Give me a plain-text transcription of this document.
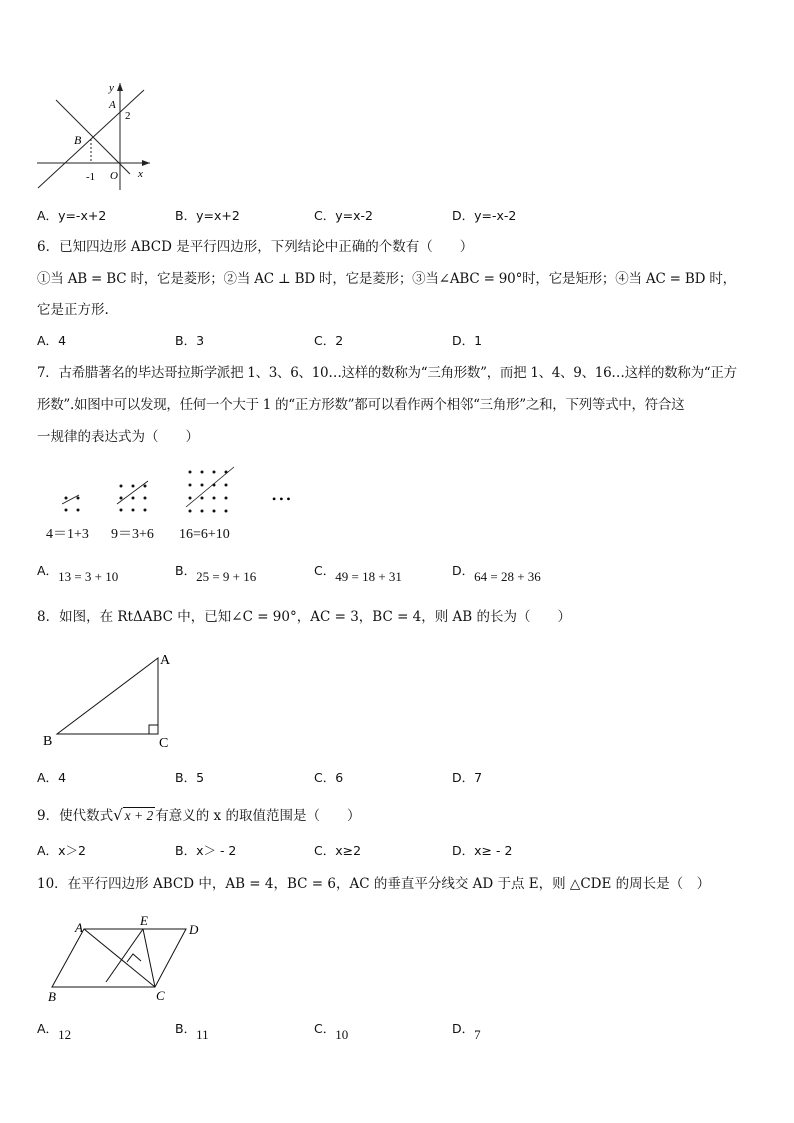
y
A
2
B
-1 O x
A．y=-x+2	B．y=x+2	C．y=x-2	D．y=-x-2
6．已知四边形 ABCD 是平行四边形，下列结论中正确的个数有（　　）
①当 AB = BC 时，它是菱形；②当 AC ⊥ BD 时，它是菱形；③当∠ABC = 90°时，它是矩形；④当 AC = BD 时，
它是正方形.
A．4	B．3	C．2	D．1
7．古希腊著名的毕达哥拉斯学派把 1、3、6、10…这样的数称为“三角形数”，而把 1、4、9、16…这样的数称为“正方
形数”.如图中可以发现，任何一个大于 1 的“正方形数”都可以看作两个相邻“三角形”之和，下列等式中，符合这
一规律的表达式为（　　）
• • •
4＝1+3 9＝3+6 16=6+10
A．13 = 3 + 10	B．25 = 9 + 16	C．49 = 18 + 31	D．64 = 28 + 36
8．如图，在 RtΔABC 中，已知∠C = 90°，AC = 3，BC = 4，则 AB 的长为（　　）
A
B	C
A．4	B．5	C．6	D．7
9．使代数式√ x + 2 有意义的 x 的取值范围是（　　）
A．x＞2	B．x＞ - 2	C．x≥2	D．x≥ - 2
10．在平行四边形 ABCD 中，AB = 4，BC = 6，AC 的垂直平分线交 AD 于点 E，则 △CDE 的周长是（　）
A	E
D
B	C
A．12	B．11	C．10	D．7
